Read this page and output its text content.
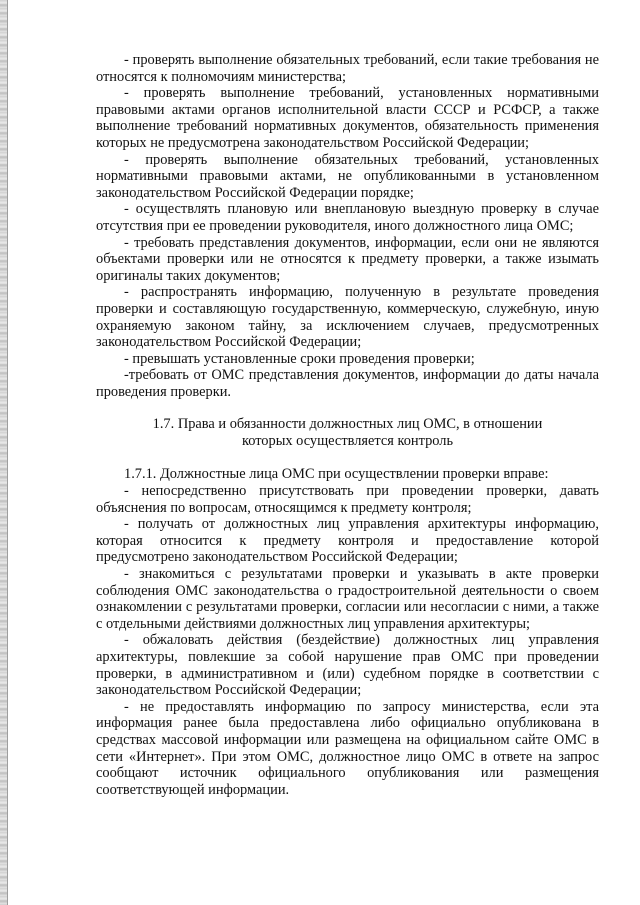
- проверять выполнение обязательных требований, если такие требования не относятся к полномочиям министерства;

- проверять выполнение требований, установленных нормативными правовыми актами органов исполнительной власти СССР и РСФСР, а также выполнение требований нормативных документов, обязательность применения которых не предусмотрена законодательством Российской Федерации;

- проверять выполнение обязательных требований, установленных нормативными правовыми актами, не опубликованными в установленном законодательством Российской Федерации порядке;

- осуществлять плановую или внеплановую выездную проверку в случае отсутствия при ее проведении руководителя, иного должностного лица ОМС;

- требовать представления документов, информации, если они не являются объектами проверки или не относятся к предмету проверки, а также изымать оригиналы таких документов;

- распространять информацию, полученную в результате проведения проверки и составляющую государственную, коммерческую, служебную, иную охраняемую законом тайну, за исключением случаев, предусмотренных законодательством Российской Федерации;

- превышать установленные сроки проведения проверки;

-требовать от ОМС представления документов, информации до даты начала проведения проверки.

1.7. Права и обязанности должностных лиц ОМС, в отношении которых осуществляется контроль

1.7.1. Должностные лица ОМС при осуществлении проверки вправе:

- непосредственно присутствовать при проведении проверки, давать объяснения по вопросам, относящимся к предмету контроля;

- получать от должностных лиц управления архитектуры информацию, которая относится к предмету контроля и предоставление которой предусмотрено законодательством Российской Федерации;

- знакомиться с результатами проверки и указывать в акте проверки соблюдения ОМС законодательства о градостроительной деятельности о своем ознакомлении с результатами проверки, согласии или несогласии с ними, а также с отдельными действиями должностных лиц управления архитектуры;

- обжаловать действия (бездействие) должностных лиц управления архитектуры, повлекшие за собой нарушение прав ОМС при проведении проверки, в административном и (или) судебном порядке в соответствии с законодательством Российской Федерации;

- не предоставлять информацию по запросу министерства, если эта информация ранее была предоставлена либо официально опубликована в средствах массовой информации или размещена на официальном сайте ОМС в сети «Интернет». При этом ОМС, должностное лицо ОМС в ответе на запрос сообщают источник официального опубликования или размещения соответствующей информации.
